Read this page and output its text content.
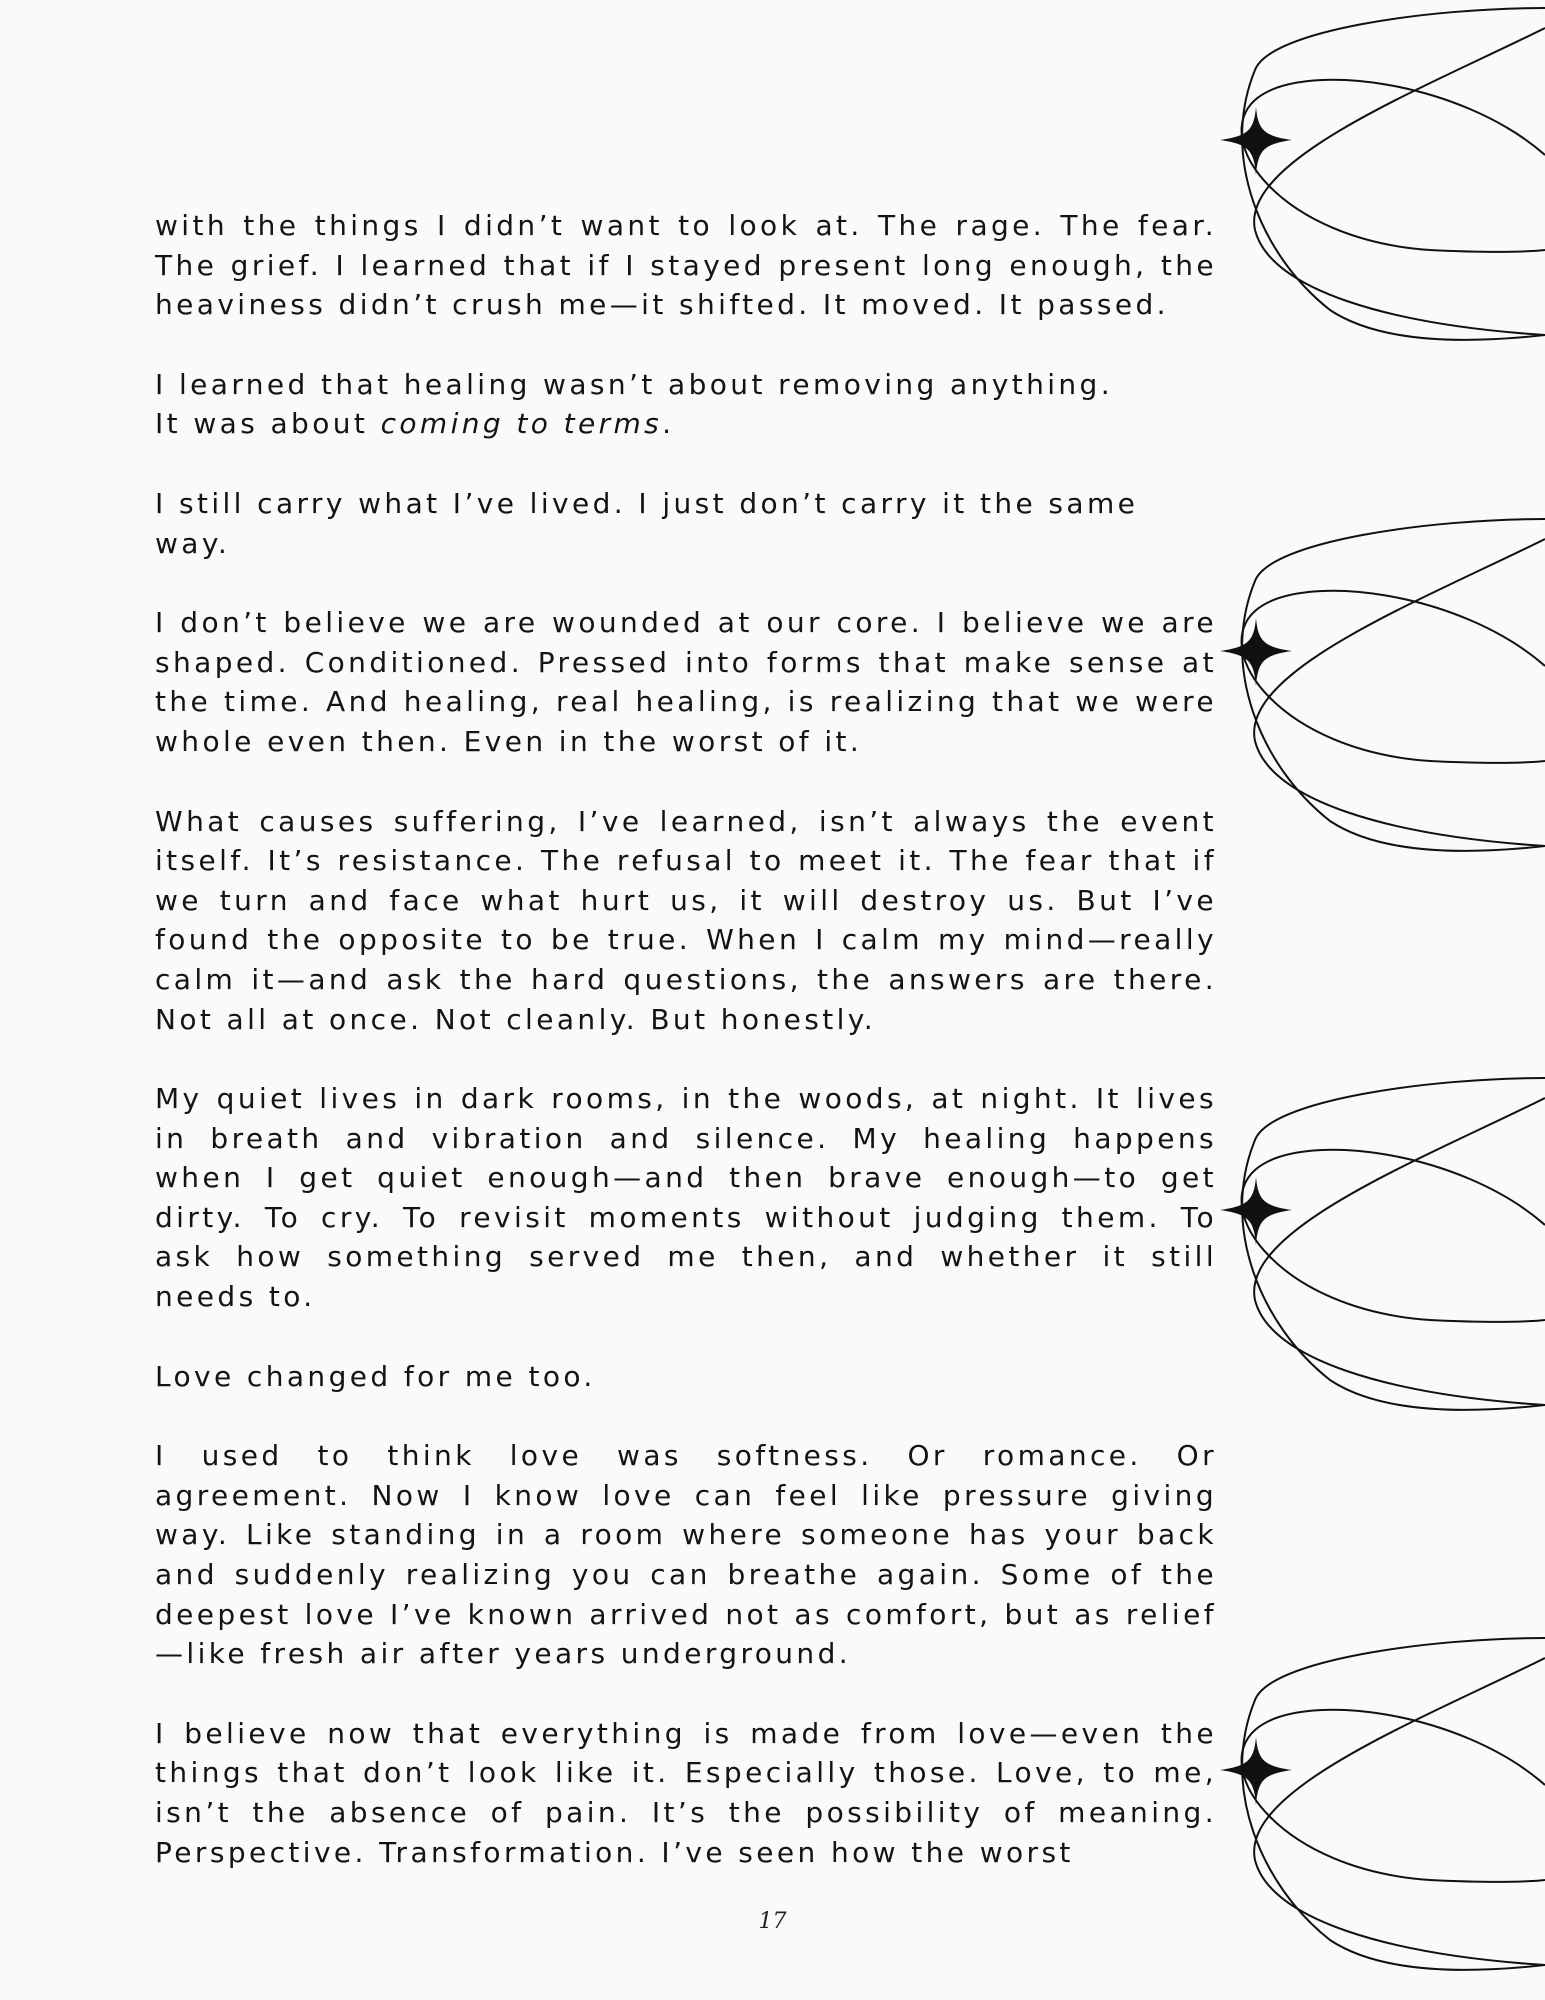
with the things I didn’t want to look at. The rage. The fear. The grief. I learned that if I stayed present long enough, the heaviness didn’t crush me—it shifted. It moved. It passed.

I learned that healing wasn’t about removing anything.
It was about coming to terms.

I still carry what I’ve lived. I just don’t carry it the same way.

I don’t believe we are wounded at our core. I believe we are shaped. Conditioned. Pressed into forms that make sense at the time. And healing, real healing, is realizing that we were whole even then. Even in the worst of it.

What causes suffering, I’ve learned, isn’t always the event itself. It’s resistance. The refusal to meet it. The fear that if we turn and face what hurt us, it will destroy us. But I’ve found the opposite to be true. When I calm my mind—really calm it—and ask the hard questions, the answers are there. Not all at once. Not cleanly. But honestly.

My quiet lives in dark rooms, in the woods, at night. It lives in breath and vibration and silence. My healing happens when I get quiet enough—and then brave enough—to get dirty. To cry. To revisit moments without judging them. To ask how something served me then, and whether it still needs to.

Love changed for me too.

I used to think love was softness. Or romance. Or agreement. Now I know love can feel like pressure giving way. Like standing in a room where someone has your back and suddenly realizing you can breathe again. Some of the deepest love I’ve known arrived not as comfort, but as relief —like fresh air after years underground.

I believe now that everything is made from love—even the things that don’t look like it. Especially those. Love, to me, isn’t the absence of pain. It’s the possibility of meaning. Perspective. Transformation. I’ve seen how the worst

17
